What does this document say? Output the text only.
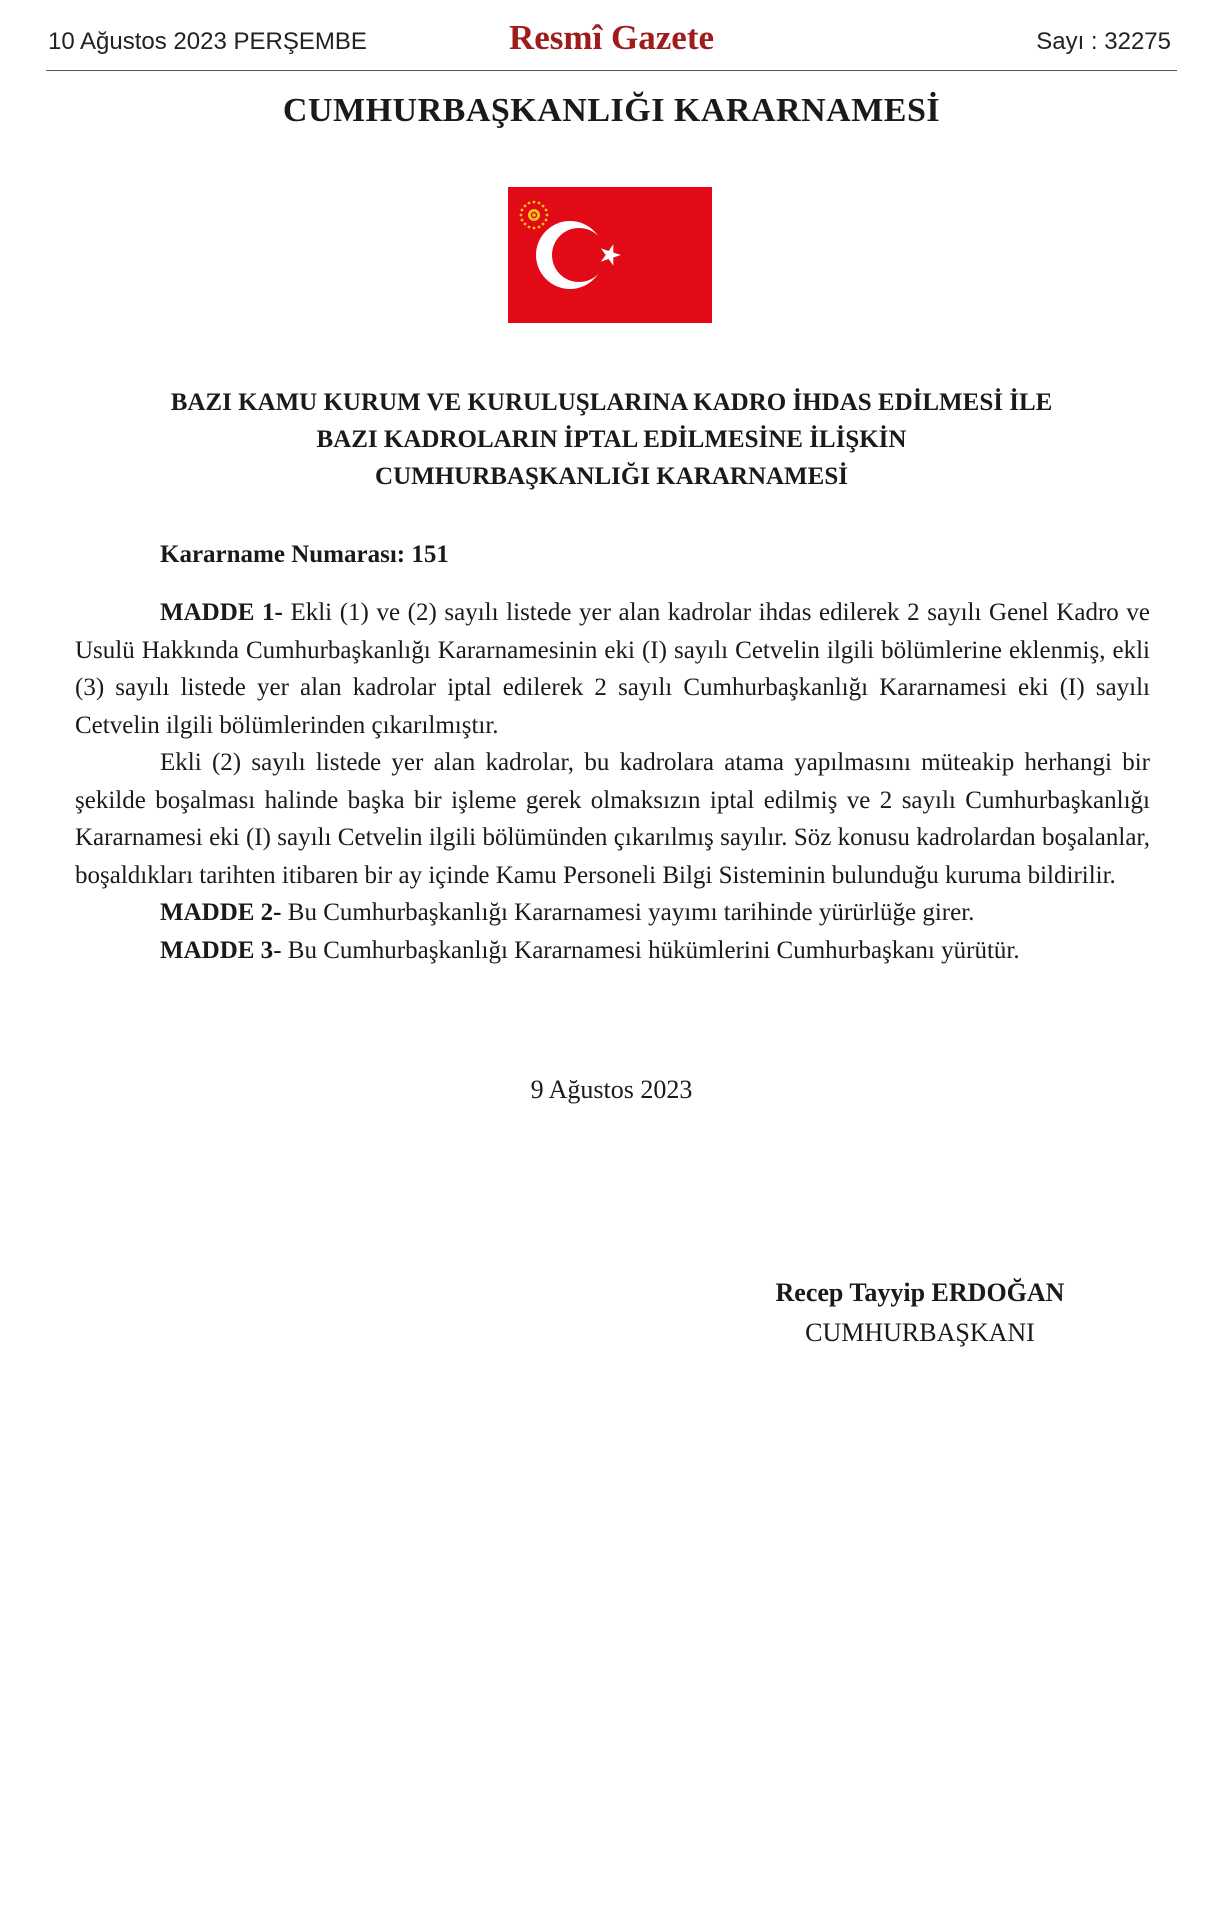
10 Ağustos 2023 PERŞEMBE	Resmî Gazete	Sayı : 32275
CUMHURBAŞKANLIĞI KARARNAMESİ
BAZI KAMU KURUM VE KURULUŞLARINA KADRO İHDAS EDİLMESİ İLE
BAZI KADROLARIN İPTAL EDİLMESİNE İLİŞKİN
CUMHURBAŞKANLIĞI KARARNAMESİ
Kararname Numarası: 151

MADDE 1- Ekli (1) ve (2) sayılı listede yer alan kadrolar ihdas edilerek 2 sayılı Genel Kadro ve Usulü Hakkında Cumhurbaşkanlığı Kararnamesinin eki (I) sayılı Cetvelin ilgili bölümlerine eklenmiş, ekli (3) sayılı listede yer alan kadrolar iptal edilerek 2 sayılı Cumhurbaşkanlığı Kararnamesi eki (I) sayılı Cetvelin ilgili bölümlerinden çıkarılmıştır.

Ekli (2) sayılı listede yer alan kadrolar, bu kadrolara atama yapılmasını müteakip herhangi bir şekilde boşalması halinde başka bir işleme gerek olmaksızın iptal edilmiş ve 2 sayılı Cumhurbaşkanlığı Kararnamesi eki (I) sayılı Cetvelin ilgili bölümünden çıkarılmış sayılır. Söz konusu kadrolardan boşalanlar, boşaldıkları tarihten itibaren bir ay içinde Kamu Personeli Bilgi Sisteminin bulunduğu kuruma bildirilir.

MADDE 2- Bu Cumhurbaşkanlığı Kararnamesi yayımı tarihinde yürürlüğe girer.

MADDE 3- Bu Cumhurbaşkanlığı Kararnamesi hükümlerini Cumhurbaşkanı yürütür.

9 Ağustos 2023
Recep Tayyip ERDOĞAN
CUMHURBAŞKANI
